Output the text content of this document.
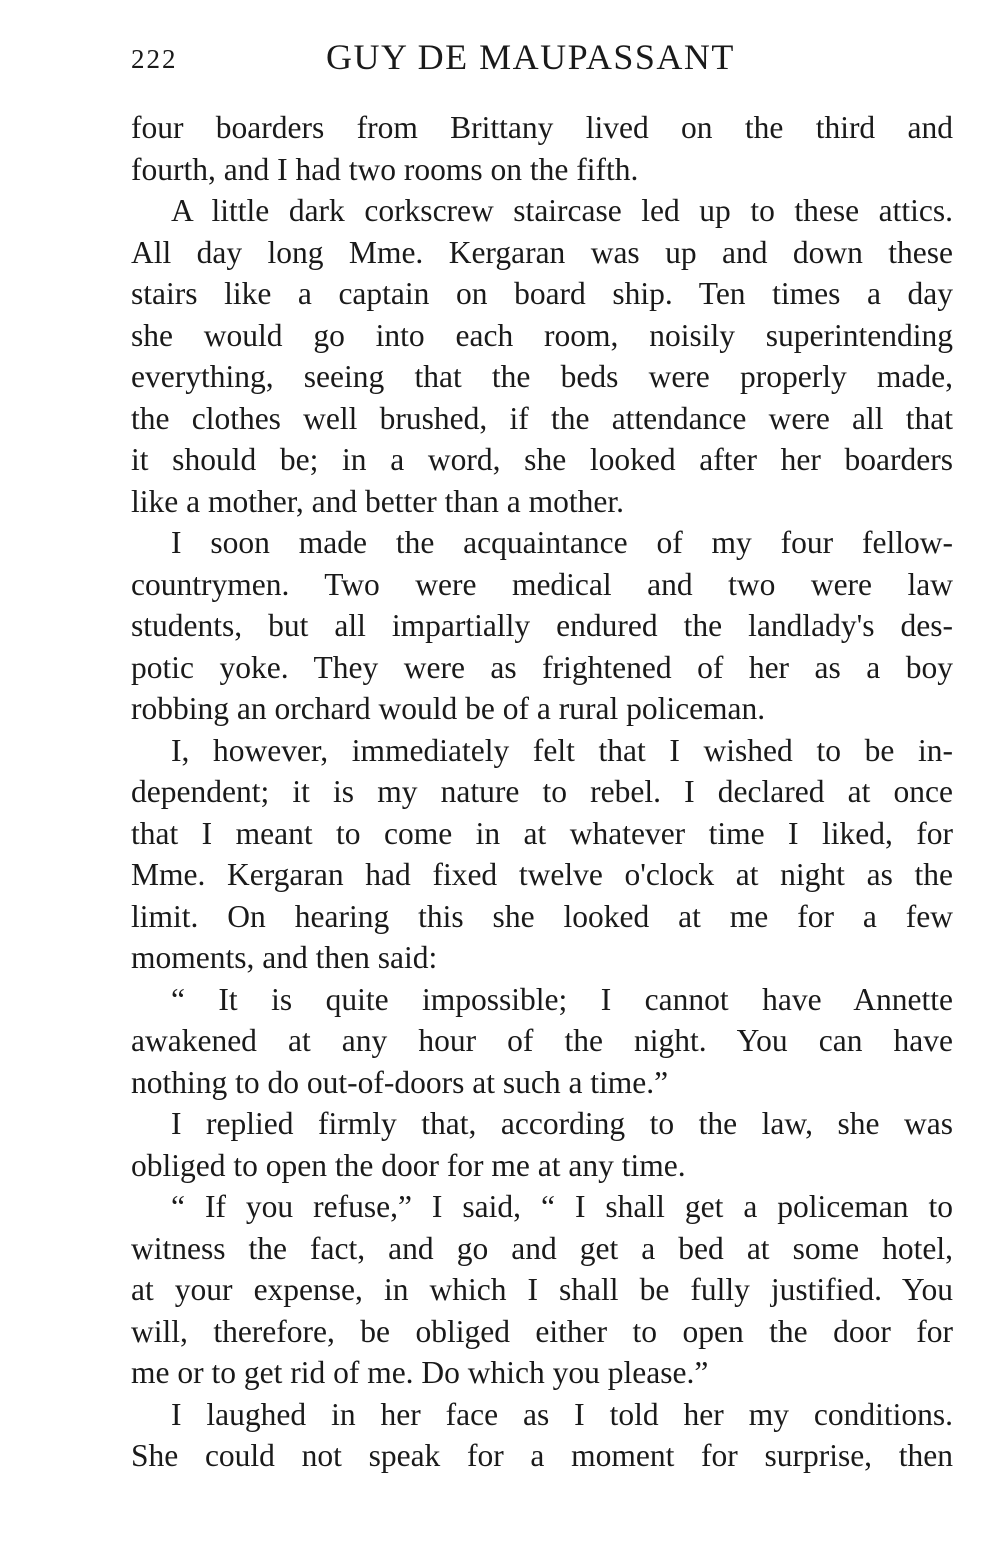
222	GUY DE MAUPASSANT
four boarders from Brittany lived on the third and
fourth, and I had two rooms on the fifth.
A little dark corkscrew staircase led up to these attics.
All day long Mme. Kergaran was up and down these
stairs like a captain on board ship. Ten times a day
she would go into each room, noisily superintending
everything, seeing that the beds were properly made,
the clothes well brushed, if the attendance were all that
it should be; in a word, she looked after her boarders
like a mother, and better than a mother.
I soon made the acquaintance of my four fellow-
countrymen. Two were medical and two were law
students, but all impartially endured the landlady's des-
potic yoke. They were as frightened of her as a boy
robbing an orchard would be of a rural policeman.
I, however, immediately felt that I wished to be in-
dependent; it is my nature to rebel. I declared at once
that I meant to come in at whatever time I liked, for
Mme. Kergaran had fixed twelve o'clock at night as the
limit. On hearing this she looked at me for a few
moments, and then said:
“ It is quite impossible; I cannot have Annette
awakened at any hour of the night. You can have
nothing to do out-of-doors at such a time.”
I replied firmly that, according to the law, she was
obliged to open the door for me at any time.
“ If you refuse,” I said, “ I shall get a policeman to
witness the fact, and go and get a bed at some hotel,
at your expense, in which I shall be fully justified. You
will, therefore, be obliged either to open the door for
me or to get rid of me. Do which you please.”
I laughed in her face as I told her my conditions.
She could not speak for a moment for surprise, then
